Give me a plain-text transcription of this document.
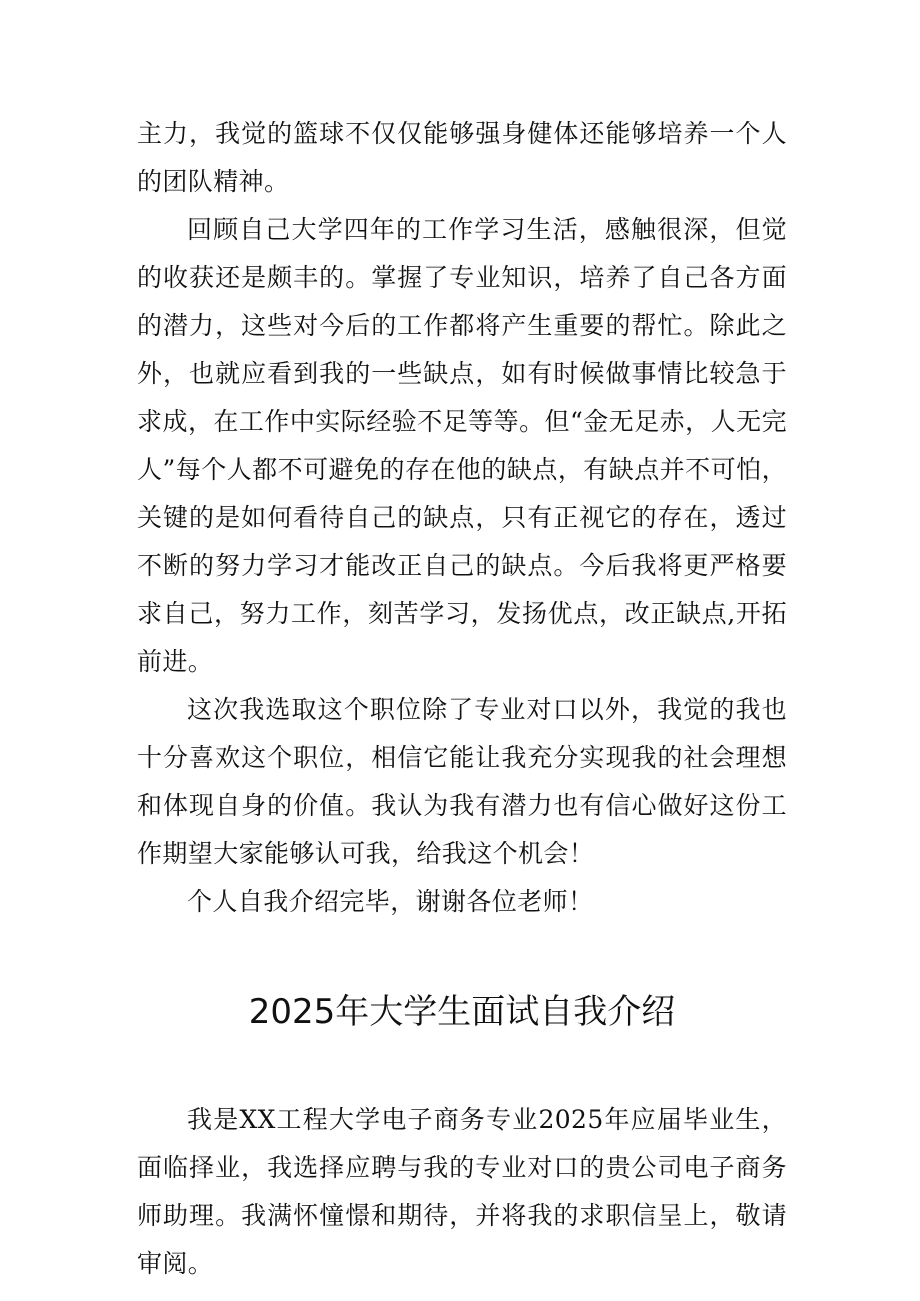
主力，我觉的篮球不仅仅能够强身健体还能够培养一个人的团队精神。

回顾自己大学四年的工作学习生活，感触很深，但觉的收获还是颇丰的。掌握了专业知识，培养了自己各方面的潜力，这些对今后的工作都将产生重要的帮忙。除此之外，也就应看到我的一些缺点，如有时候做事情比较急于求成，在工作中实际经验不足等等。但“金无足赤，人无完人”每个人都不可避免的存在他的缺点，有缺点并不可怕，关键的是如何看待自己的缺点，只有正视它的存在，透过不断的努力学习才能改正自己的缺点。今后我将更严格要求自己，努力工作，刻苦学习，发扬优点，改正缺点,开拓前进。

这次我选取这个职位除了专业对口以外，我觉的我也十分喜欢这个职位，相信它能让我充分实现我的社会理想和体现自身的价值。我认为我有潜力也有信心做好这份工作期望大家能够认可我，给我这个机会！

个人自我介绍完毕，谢谢各位老师！

2025年大学生面试自我介绍

我是XX工程大学电子商务专业2025年应届毕业生，面临择业，我选择应聘与我的专业对口的贵公司电子商务师助理。我满怀憧憬和期待，并将我的求职信呈上，敬请审阅。
